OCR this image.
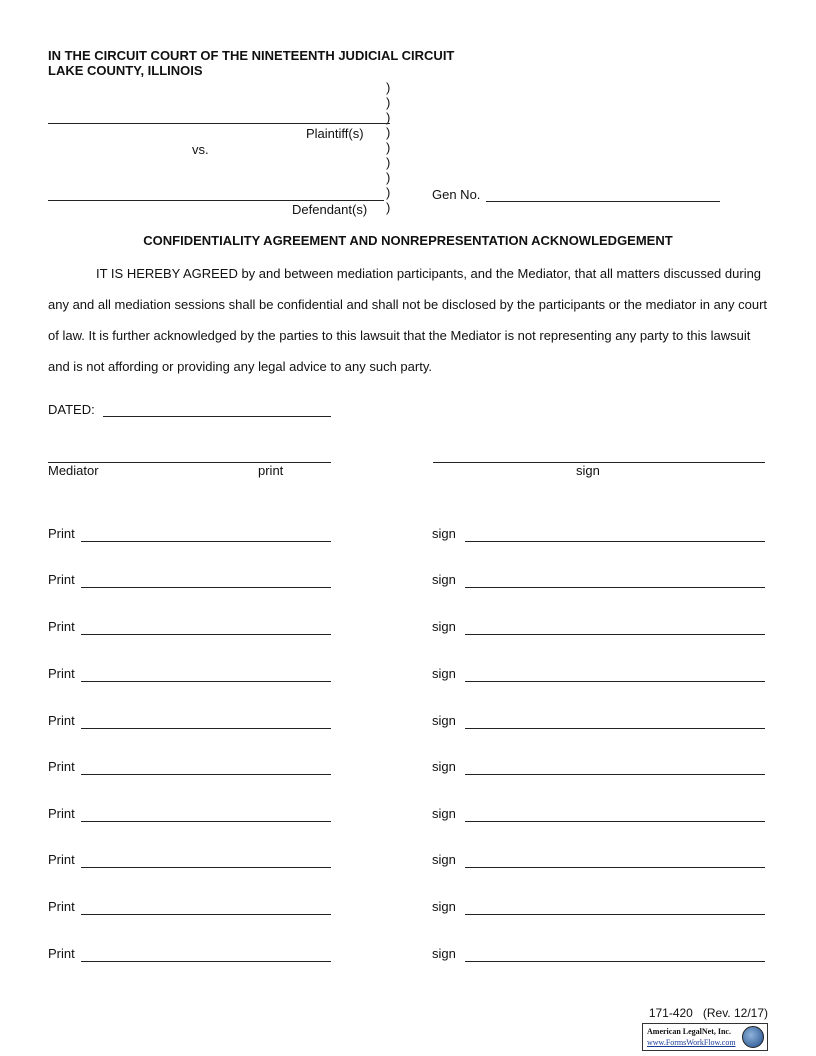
IN THE CIRCUIT COURT OF THE NINETEENTH JUDICIAL CIRCUIT
LAKE COUNTY, ILLINOIS
)
)
)
)
)
)
)
)
)
Plaintiff(s)
vs.
Defendant(s)
Gen No.
CONFIDENTIALITY AGREEMENT AND NONREPRESENTATION ACKNOWLEDGEMENT
IT IS HEREBY AGREED by and between mediation participants, and the Mediator, that all matters discussed during any and all mediation sessions shall be confidential and shall not be disclosed by the participants or the mediator in any court of law. It is further acknowledged by the parties to this lawsuit that the Mediator is not representing any party to this lawsuit and is not affording or providing any legal advice to any such party.
DATED:
Mediator	print	sign
Print	sign
Print	sign
Print	sign
Print	sign
Print	sign
Print	sign
Print	sign
Print	sign
Print	sign
Print	sign
171-420   (Rev. 12/17)
American LegalNet, Inc.
www.FormsWorkFlow.com
